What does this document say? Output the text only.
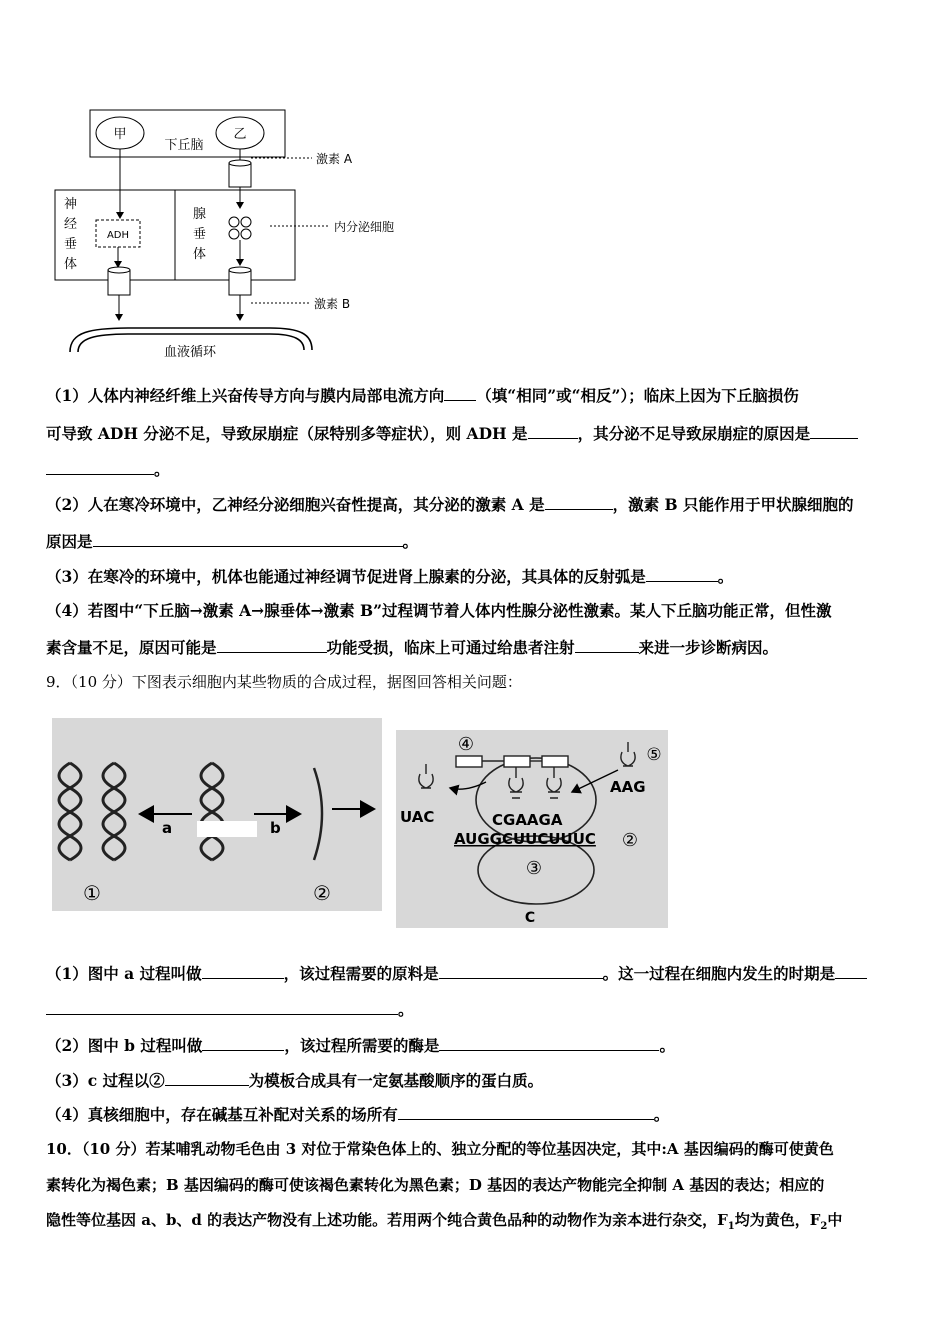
甲	乙
下丘脑
神
经
垂
体
腺
垂
体
ADH
激素 A
内分泌细胞
激素 B
血液循环
（1）人体内神经纤维上兴奋传导方向与膜内局部电流方向 （填“相同”或“相反”）；临床上因为下丘脑损伤
可导致 ADH 分泌不足，导致尿崩症（尿特别多等症状），则 ADH 是	，其分泌不足导致尿崩症的原因是
。
（2）人在寒冷环境中，乙神经分泌细胞兴奋性提高，其分泌的激素 A 是	，激素 B 只能作用于甲状腺细胞的
原因是	。
（3）在寒冷的环境中，机体也能通过神经调节促进肾上腺素的分泌，其具体的反射弧是	。
（4）若图中“下丘脑→激素 A→腺垂体→激素 B”过程调节着人体内性腺分泌性激素。某人下丘脑功能正常，但性激
素含量不足，原因可能是	功能受损，临床上可通过给患者注射	来进一步诊断病因。
9．（10 分）下图表示细胞内某些物质的合成过程，据图回答相关问题：
a	b
①	②
③
④	⑤
UAC	CGAAGA
AAG
AUGGCUUCUUUC
C
②
（1）图中 a 过程叫做	，该过程需要的原料是	。这一过程在细胞内发生的时期是
。
（2）图中 b 过程叫做	，该过程所需要的酶是	。
（3）c 过程以②	为模板合成具有一定氨基酸顺序的蛋白质。
（4）真核细胞中，存在碱基互补配对关系的场所有	。
10．（10 分）若某哺乳动物毛色由 3 对位于常染色体上的、独立分配的等位基因决定，其中:A 基因编码的酶可使黄色
素转化为褐色素；B 基因编码的酶可使该褐色素转化为黑色素；D 基因的表达产物能完全抑制 A 基因的表达；相应的
隐性等位基因 a、b、d 的表达产物没有上述功能。若用两个纯合黄色品种的动物作为亲本进行杂交，$F_1$均为黄色，$F_2$中
